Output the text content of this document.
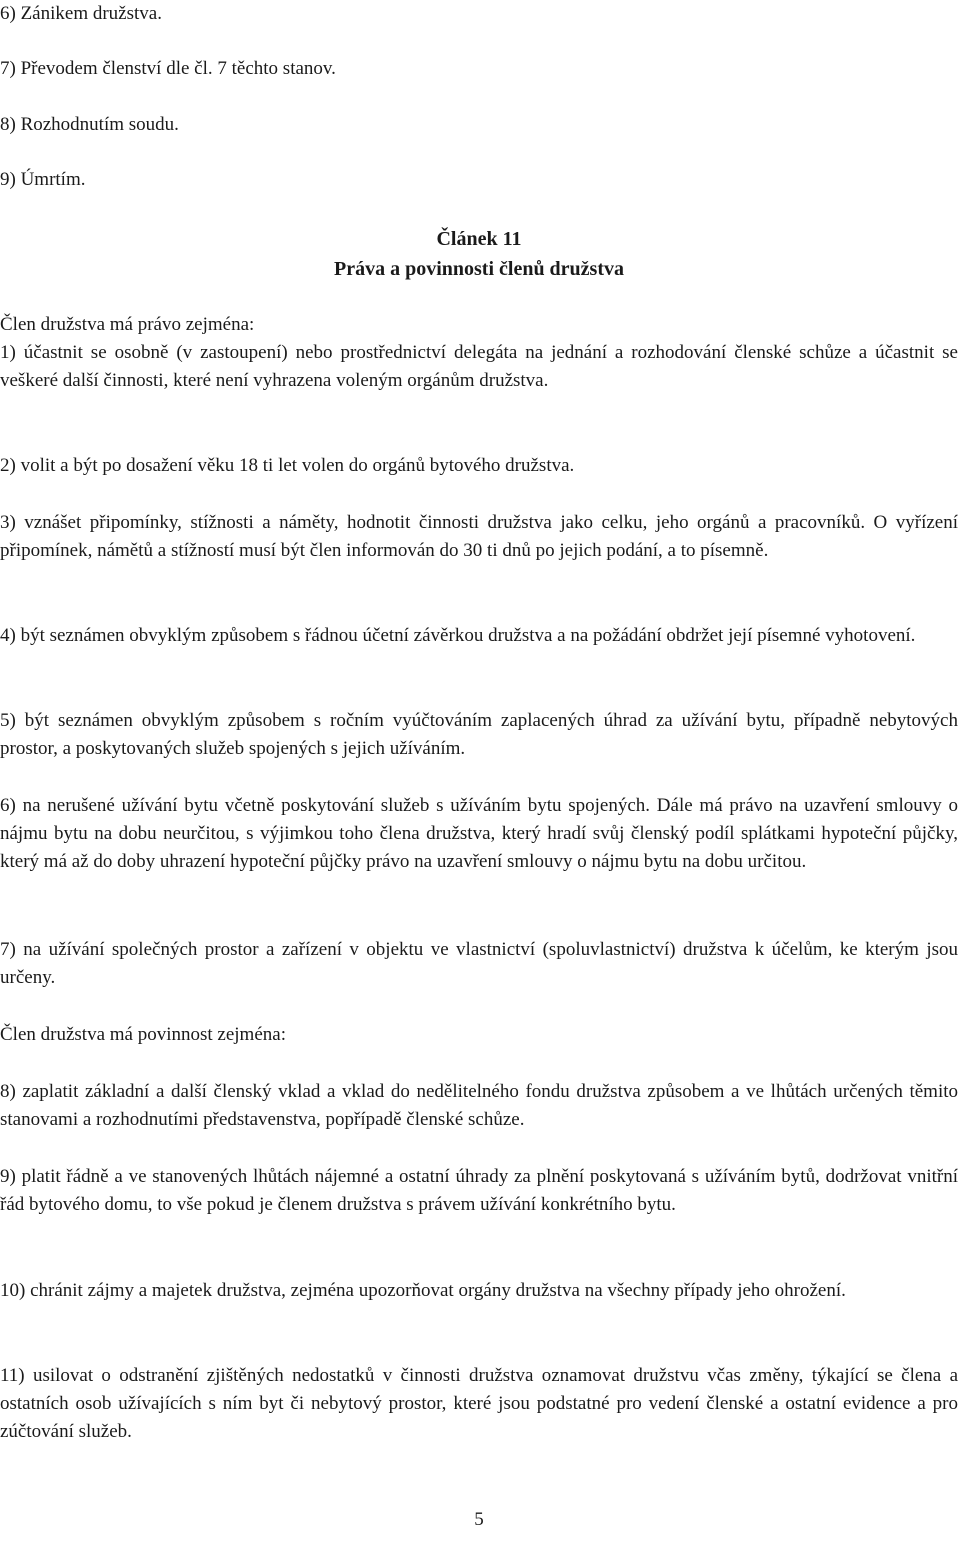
6) Zánikem družstva.

7) Převodem členství dle čl. 7 těchto stanov.

8) Rozhodnutím soudu.

9) Úmrtím.

Článek 11
Práva a povinnosti členů družstva

Člen družstva má právo zejména:

1) účastnit se osobně (v zastoupení) nebo prostřednictví delegáta na jednání a rozhodování členské schůze a účastnit se veškeré další činnosti, které není vyhrazena voleným orgánům družstva.

2) volit a být po dosažení věku 18 ti let volen do orgánů bytového družstva.

3) vznášet připomínky, stížnosti a náměty, hodnotit činnosti družstva jako celku, jeho orgánů a pracovníků. O vyřízení připomínek, námětů a stížností musí být člen informován do 30 ti dnů po jejich podání, a to písemně.

4) být seznámen obvyklým způsobem s řádnou účetní závěrkou družstva a na požádání obdržet její písemné vyhotovení.

5) být seznámen obvyklým způsobem s ročním vyúčtováním zaplacených úhrad za užívání bytu, případně nebytových prostor, a poskytovaných služeb spojených s jejich užíváním.

6) na nerušené užívání bytu včetně poskytování služeb s užíváním bytu spojených. Dále má právo na uzavření smlouvy o nájmu bytu na dobu neurčitou, s výjimkou toho člena družstva, který hradí svůj členský podíl splátkami hypoteční půjčky, který má až do doby uhrazení hypoteční půjčky právo na uzavření smlouvy o nájmu bytu na dobu určitou.

7) na užívání společných prostor a zařízení v objektu ve vlastnictví (spoluvlastnictví) družstva k účelům, ke kterým jsou určeny.

Člen družstva má povinnost zejména:

8) zaplatit základní a další členský vklad a vklad do nedělitelného fondu družstva způsobem a ve lhůtách určených těmito stanovami a rozhodnutími představenstva, popřípadě členské schůze.

9) platit řádně a ve stanovených lhůtách nájemné a ostatní úhrady za plnění poskytovaná s užíváním bytů, dodržovat vnitřní řád bytového domu, to vše pokud je členem družstva s právem užívání konkrétního bytu.

10) chránit zájmy a majetek družstva, zejména upozorňovat orgány družstva na všechny případy jeho ohrožení.

11) usilovat o odstranění zjištěných nedostatků v činnosti družstva oznamovat družstvu včas změny, týkající se člena a ostatních osob užívajících s ním byt či nebytový prostor, které jsou podstatné pro vedení členské a ostatní evidence a pro zúčtování služeb.

5
